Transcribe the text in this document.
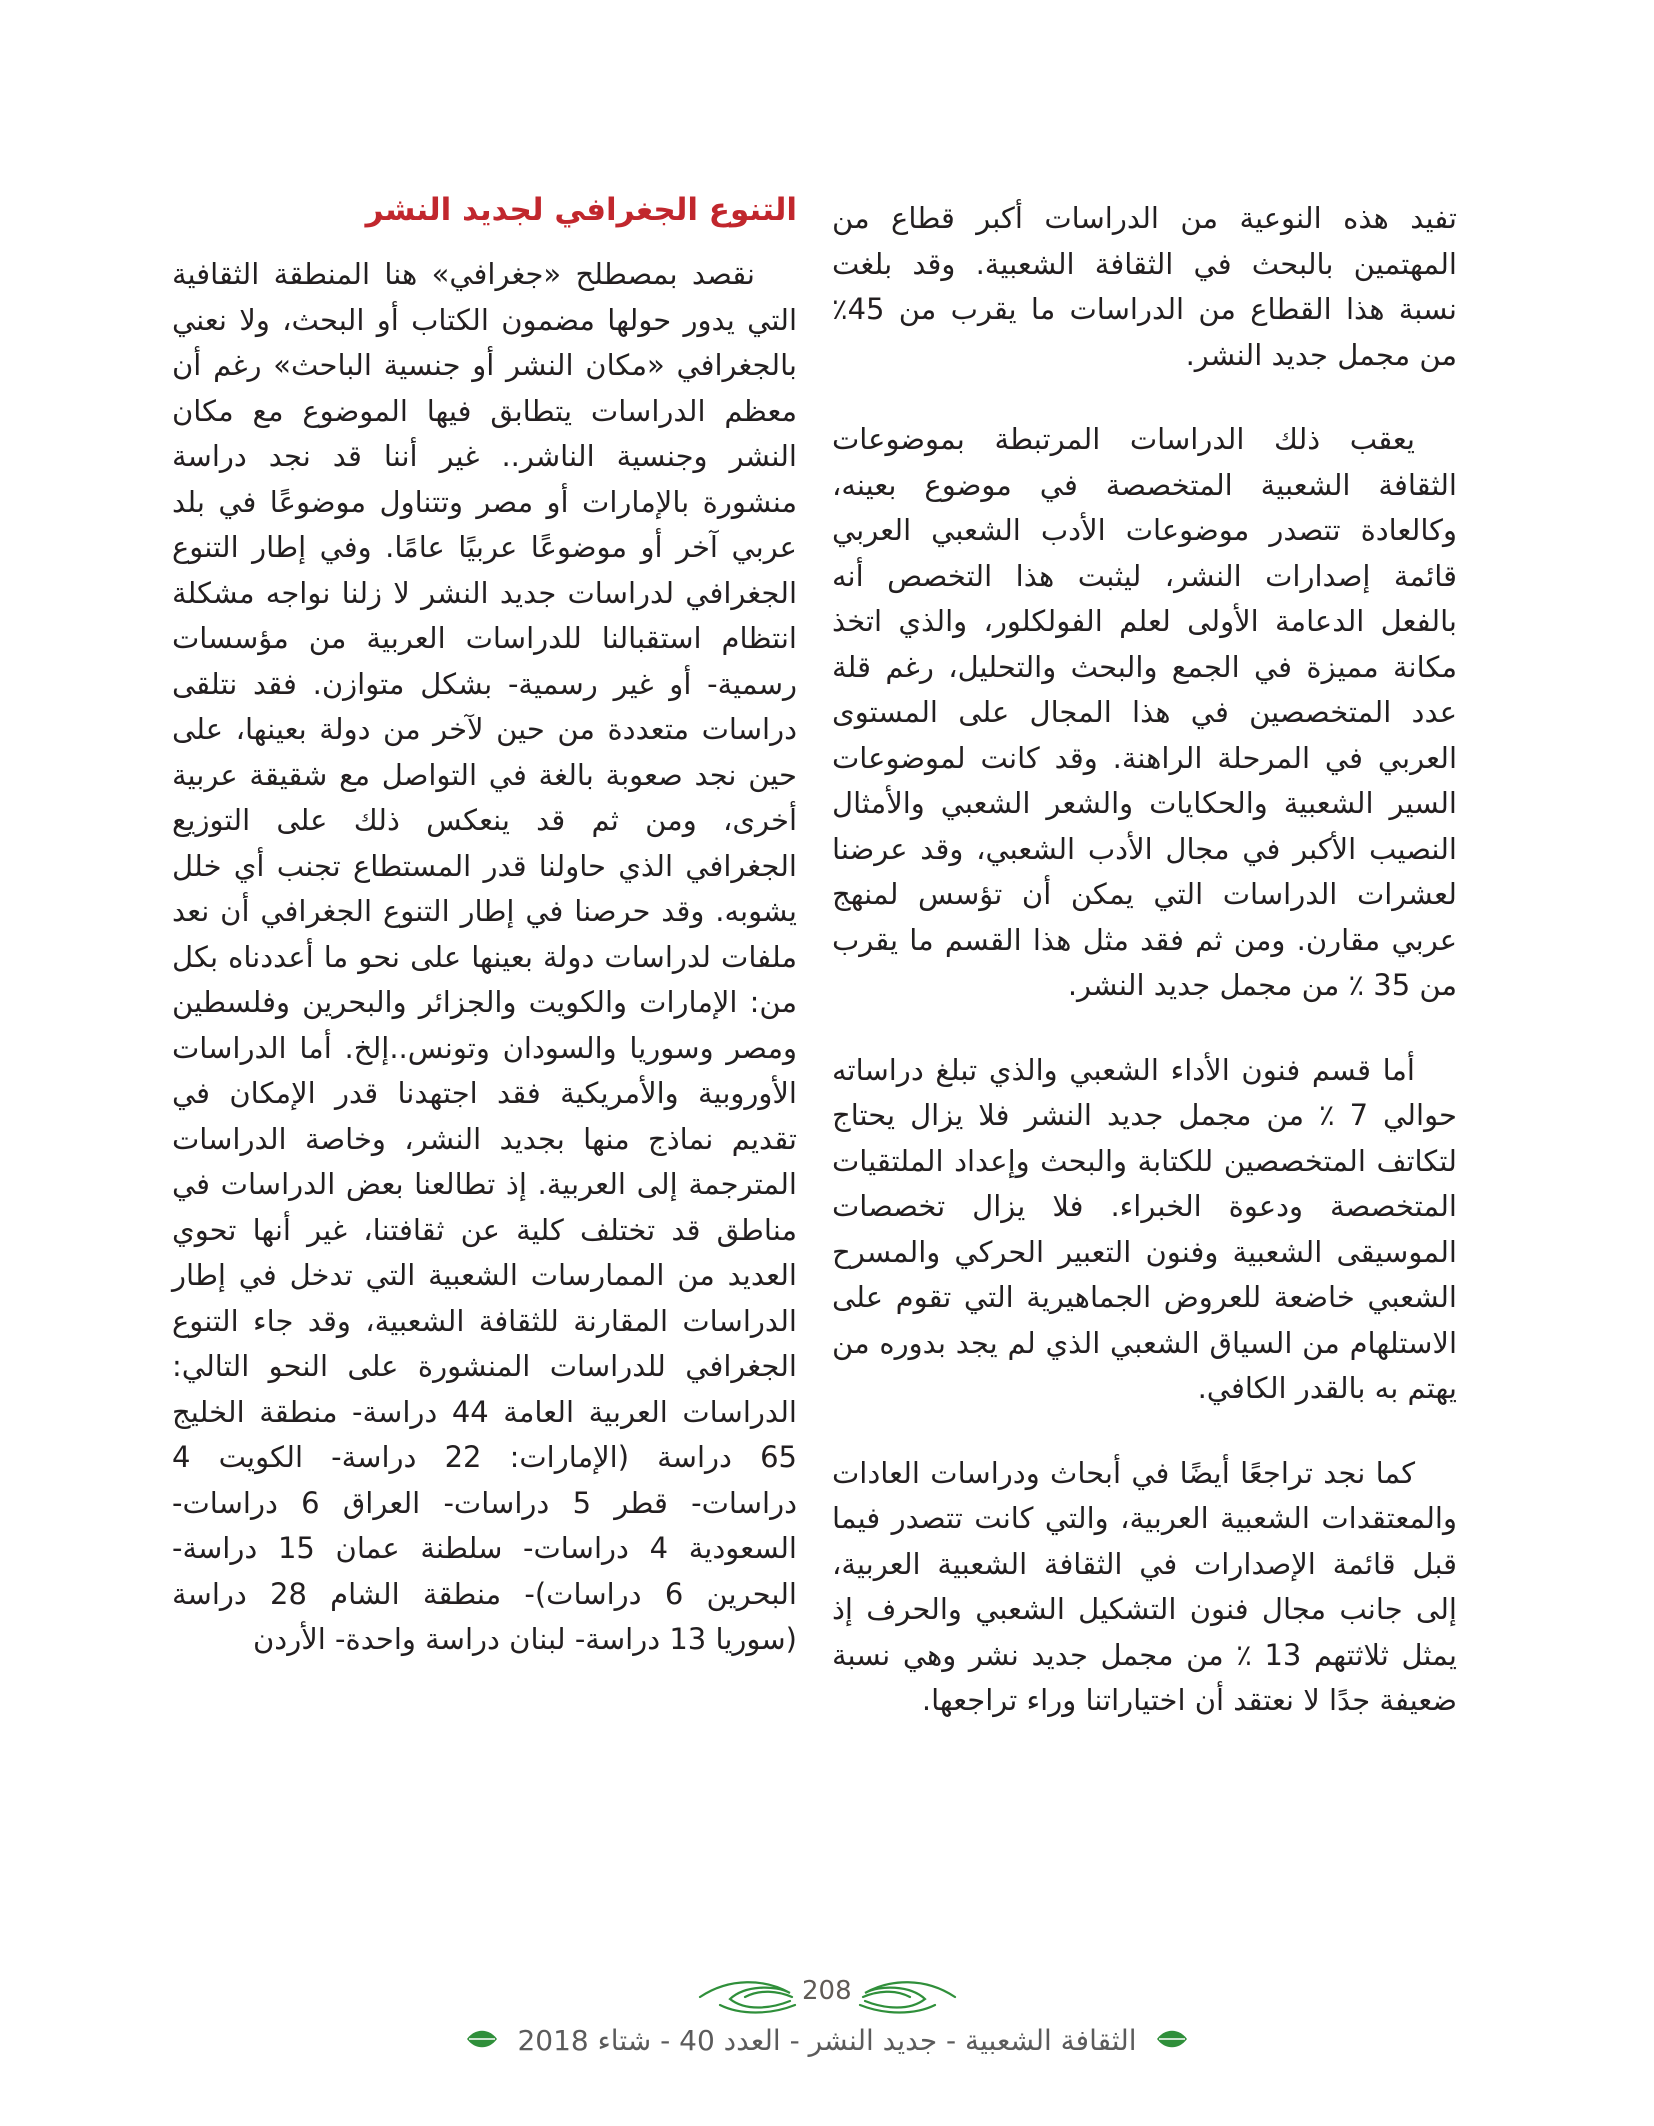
تفيد هذه النوعية من الدراسات أكبر قطاع من المهتمين بالبحث في الثقافة الشعبية. وقد بلغت نسبة هذا القطاع من الدراسات ما يقرب من 45٪ من مجمل جديد النشر.

يعقب ذلك الدراسات المرتبطة بموضوعات الثقافة الشعبية المتخصصة في موضوع بعينه، وكالعادة تتصدر موضوعات الأدب الشعبي العربي قائمة إصدارات النشر، ليثبت هذا التخصص أنه بالفعل الدعامة الأولى لعلم الفولكلور، والذي اتخذ مكانة مميزة في الجمع والبحث والتحليل، رغم قلة عدد المتخصصين في هذا المجال على المستوى العربي في المرحلة الراهنة. وقد كانت لموضوعات السير الشعبية والحكايات والشعر الشعبي والأمثال النصيب الأكبر في مجال الأدب الشعبي، وقد عرضنا لعشرات الدراسات التي يمكن أن تؤسس لمنهج عربي مقارن. ومن ثم فقد مثل هذا القسم ما يقرب من 35 ٪ من مجمل جديد النشر.

أما قسم فنون الأداء الشعبي والذي تبلغ دراساته حوالي 7 ٪ من مجمل جديد النشر فلا يزال يحتاج لتكاتف المتخصصين للكتابة والبحث وإعداد الملتقيات المتخصصة ودعوة الخبراء. فلا يزال تخصصات الموسيقى الشعبية وفنون التعبير الحركي والمسرح الشعبي خاضعة للعروض الجماهيرية التي تقوم على الاستلهام من السياق الشعبي الذي لم يجد بدوره من يهتم به بالقدر الكافي.

كما نجد تراجعًا أيضًا في أبحاث ودراسات العادات والمعتقدات الشعبية العربية، والتي كانت تتصدر فيما قبل قائمة الإصدارات في الثقافة الشعبية العربية، إلى جانب مجال فنون التشكيل الشعبي والحرف إذ يمثل ثلاثتهم 13 ٪ من مجمل جديد نشر وهي نسبة ضعيفة جدًا لا نعتقد أن اختياراتنا وراء تراجعها.

التنوع الجغرافي لجديد النشر

نقصد بمصطلح «جغرافي» هنا المنطقة الثقافية التي يدور حولها مضمون الكتاب أو البحث، ولا نعني بالجغرافي «مكان النشر أو جنسية الباحث» رغم أن معظم الدراسات يتطابق فيها الموضوع مع مكان النشر وجنسية الناشر.. غير أننا قد نجد دراسة منشورة بالإمارات أو مصر وتتناول موضوعًا في بلد عربي آخر أو موضوعًا عربيًا عامًا. وفي إطار التنوع الجغرافي لدراسات جديد النشر لا زلنا نواجه مشكلة انتظام استقبالنا للدراسات العربية من مؤسسات رسمية- أو غير رسمية- بشكل متوازن. فقد نتلقى دراسات متعددة من حين لآخر من دولة بعينها، على حين نجد صعوبة بالغة في التواصل مع شقيقة عربية أخرى، ومن ثم قد ينعكس ذلك على التوزيع الجغرافي الذي حاولنا قدر المستطاع تجنب أي خلل يشوبه. وقد حرصنا في إطار التنوع الجغرافي أن نعد ملفات لدراسات دولة بعينها على نحو ما أعددناه بكل من: الإمارات والكويت والجزائر والبحرين وفلسطين ومصر وسوريا والسودان وتونس..إلخ. أما الدراسات الأوروبية والأمريكية فقد اجتهدنا قدر الإمكان في تقديم نماذج منها بجديد النشر، وخاصة الدراسات المترجمة إلى العربية. إذ تطالعنا بعض الدراسات في مناطق قد تختلف كلية عن ثقافتنا، غير أنها تحوي العديد من الممارسات الشعبية التي تدخل في إطار الدراسات المقارنة للثقافة الشعبية، وقد جاء التنوع الجغرافي للدراسات المنشورة على النحو التالي: الدراسات العربية العامة 44 دراسة- منطقة الخليج 65 دراسة (الإمارات: 22 دراسة- الكويت 4 دراسات- قطر 5 دراسات- العراق 6 دراسات- السعودية 4 دراسات- سلطنة عمان 15 دراسة- البحرين 6 دراسات)- منطقة الشام 28 دراسة (سوريا 13 دراسة- لبنان دراسة واحدة- الأردن

208
الثقافة الشعبية - جديد النشر - العدد 40 - شتاء 2018
